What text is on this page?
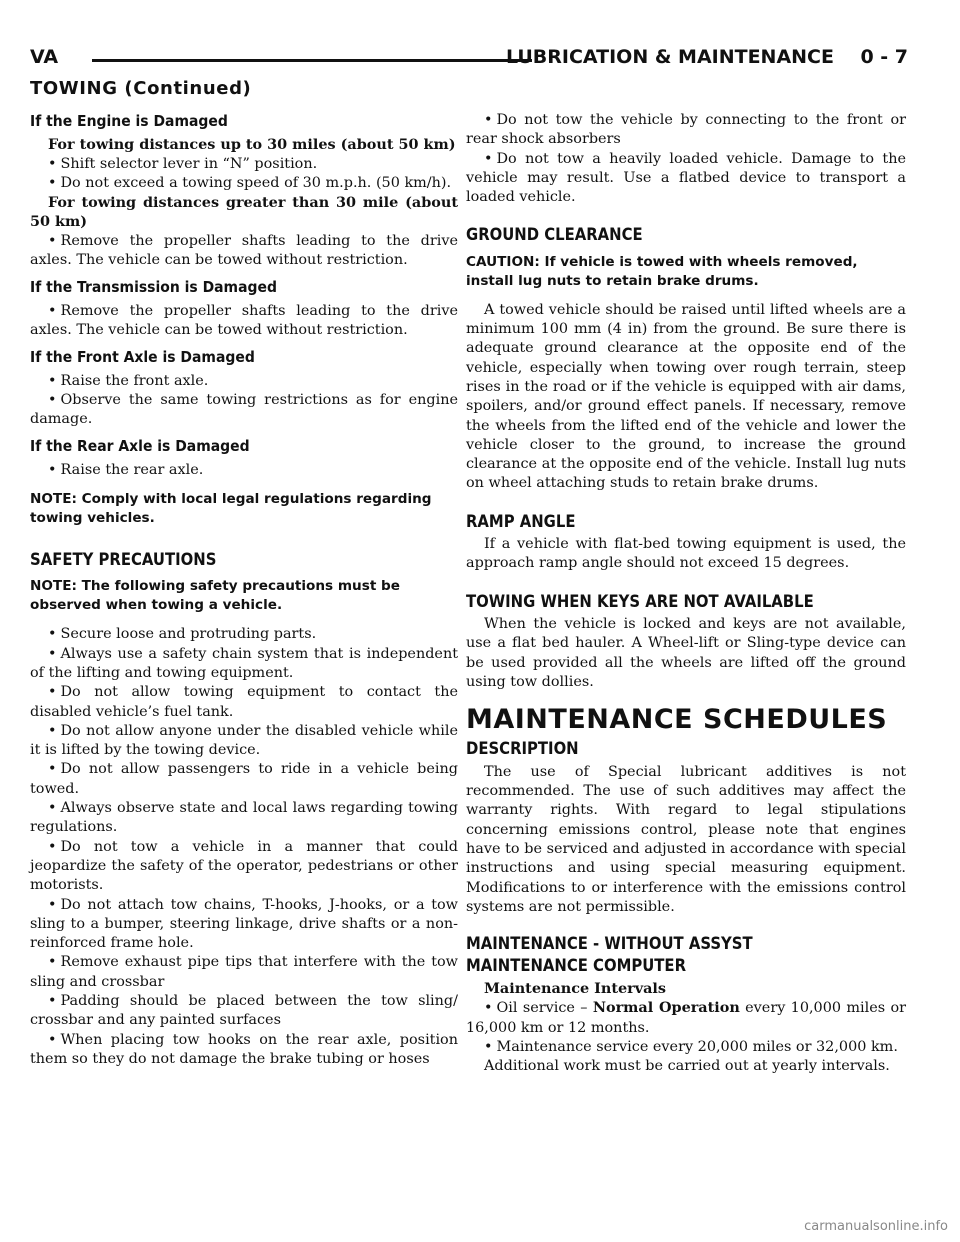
VA	LUBRICATION & MAINTENANCE    0 - 7
TOWING (Continued)
If the Engine is Damaged

For towing distances up to 30 miles (about 50 km)

• Shift selector lever in “N” position.

• Do not exceed a towing speed of 30 m.p.h. (50 km/h).

For towing distances greater than 30 mile (about 50 km)

• Remove the propeller shafts leading to the drive axles. The vehicle can be towed without restriction.

If the Transmission is Damaged

• Remove the propeller shafts leading to the drive axles. The vehicle can be towed without restriction.

If the Front Axle is Damaged

• Raise the front axle.

• Observe the same towing restrictions as for engine damage.

If the Rear Axle is Damaged

• Raise the rear axle.

NOTE: Comply with local legal regulations regarding towing vehicles.

SAFETY PRECAUTIONS

NOTE: The following safety precautions must be observed when towing a vehicle.

• Secure loose and protruding parts.

• Always use a safety chain system that is independent of the lifting and towing equipment.

• Do not allow towing equipment to contact the disabled vehicle’s fuel tank.

• Do not allow anyone under the disabled vehicle while it is lifted by the towing device.

• Do not allow passengers to ride in a vehicle being towed.

• Always observe state and local laws regarding towing regulations.

• Do not tow a vehicle in a manner that could jeopardize the safety of the operator, pedestrians or other motorists.

• Do not attach tow chains, T-hooks, J-hooks, or a tow sling to a bumper, steering linkage, drive shafts or a non-reinforced frame hole.

• Remove exhaust pipe tips that interfere with the tow sling and crossbar

• Padding should be placed between the tow sling/ crossbar and any painted surfaces

• When placing tow hooks on the rear axle, position them so they do not damage the brake tubing or hoses

• Do not tow the vehicle by connecting to the front or rear shock absorbers

• Do not tow a heavily loaded vehicle. Damage to the vehicle may result. Use a flatbed device to transport a loaded vehicle.

GROUND CLEARANCE

CAUTION: If vehicle is towed with wheels removed, install lug nuts to retain brake drums.

A towed vehicle should be raised until lifted wheels are a minimum 100 mm (4 in) from the ground. Be sure there is adequate ground clearance at the opposite end of the vehicle, especially when towing over rough terrain, steep rises in the road or if the vehicle is equipped with air dams, spoilers, and/or ground effect panels. If necessary, remove the wheels from the lifted end of the vehicle and lower the vehicle closer to the ground, to increase the ground clearance at the opposite end of the vehicle. Install lug nuts on wheel attaching studs to retain brake drums.

RAMP ANGLE

If a vehicle with flat-bed towing equipment is used, the approach ramp angle should not exceed 15 degrees.

TOWING WHEN KEYS ARE NOT AVAILABLE

When the vehicle is locked and keys are not available, use a flat bed hauler. A Wheel-lift or Sling-type device can be used provided all the wheels are lifted off the ground using tow dollies.

MAINTENANCE SCHEDULES
DESCRIPTION

The use of Special lubricant additives is not recommended. The use of such additives may affect the warranty rights. With regard to legal stipulations concerning emissions control, please note that engines have to be serviced and adjusted in accordance with special instructions and using special measuring equipment. Modifications to or interference with the emissions control systems are not permissible.

MAINTENANCE - WITHOUT ASSYST MAINTENANCE COMPUTER

Maintenance Intervals

• Oil service – Normal Operation every 10,000 miles or 16,000 km or 12 months.

• Maintenance service every 20,000 miles or 32,000 km.

Additional work must be carried out at yearly intervals.

carmanualsonline.info
